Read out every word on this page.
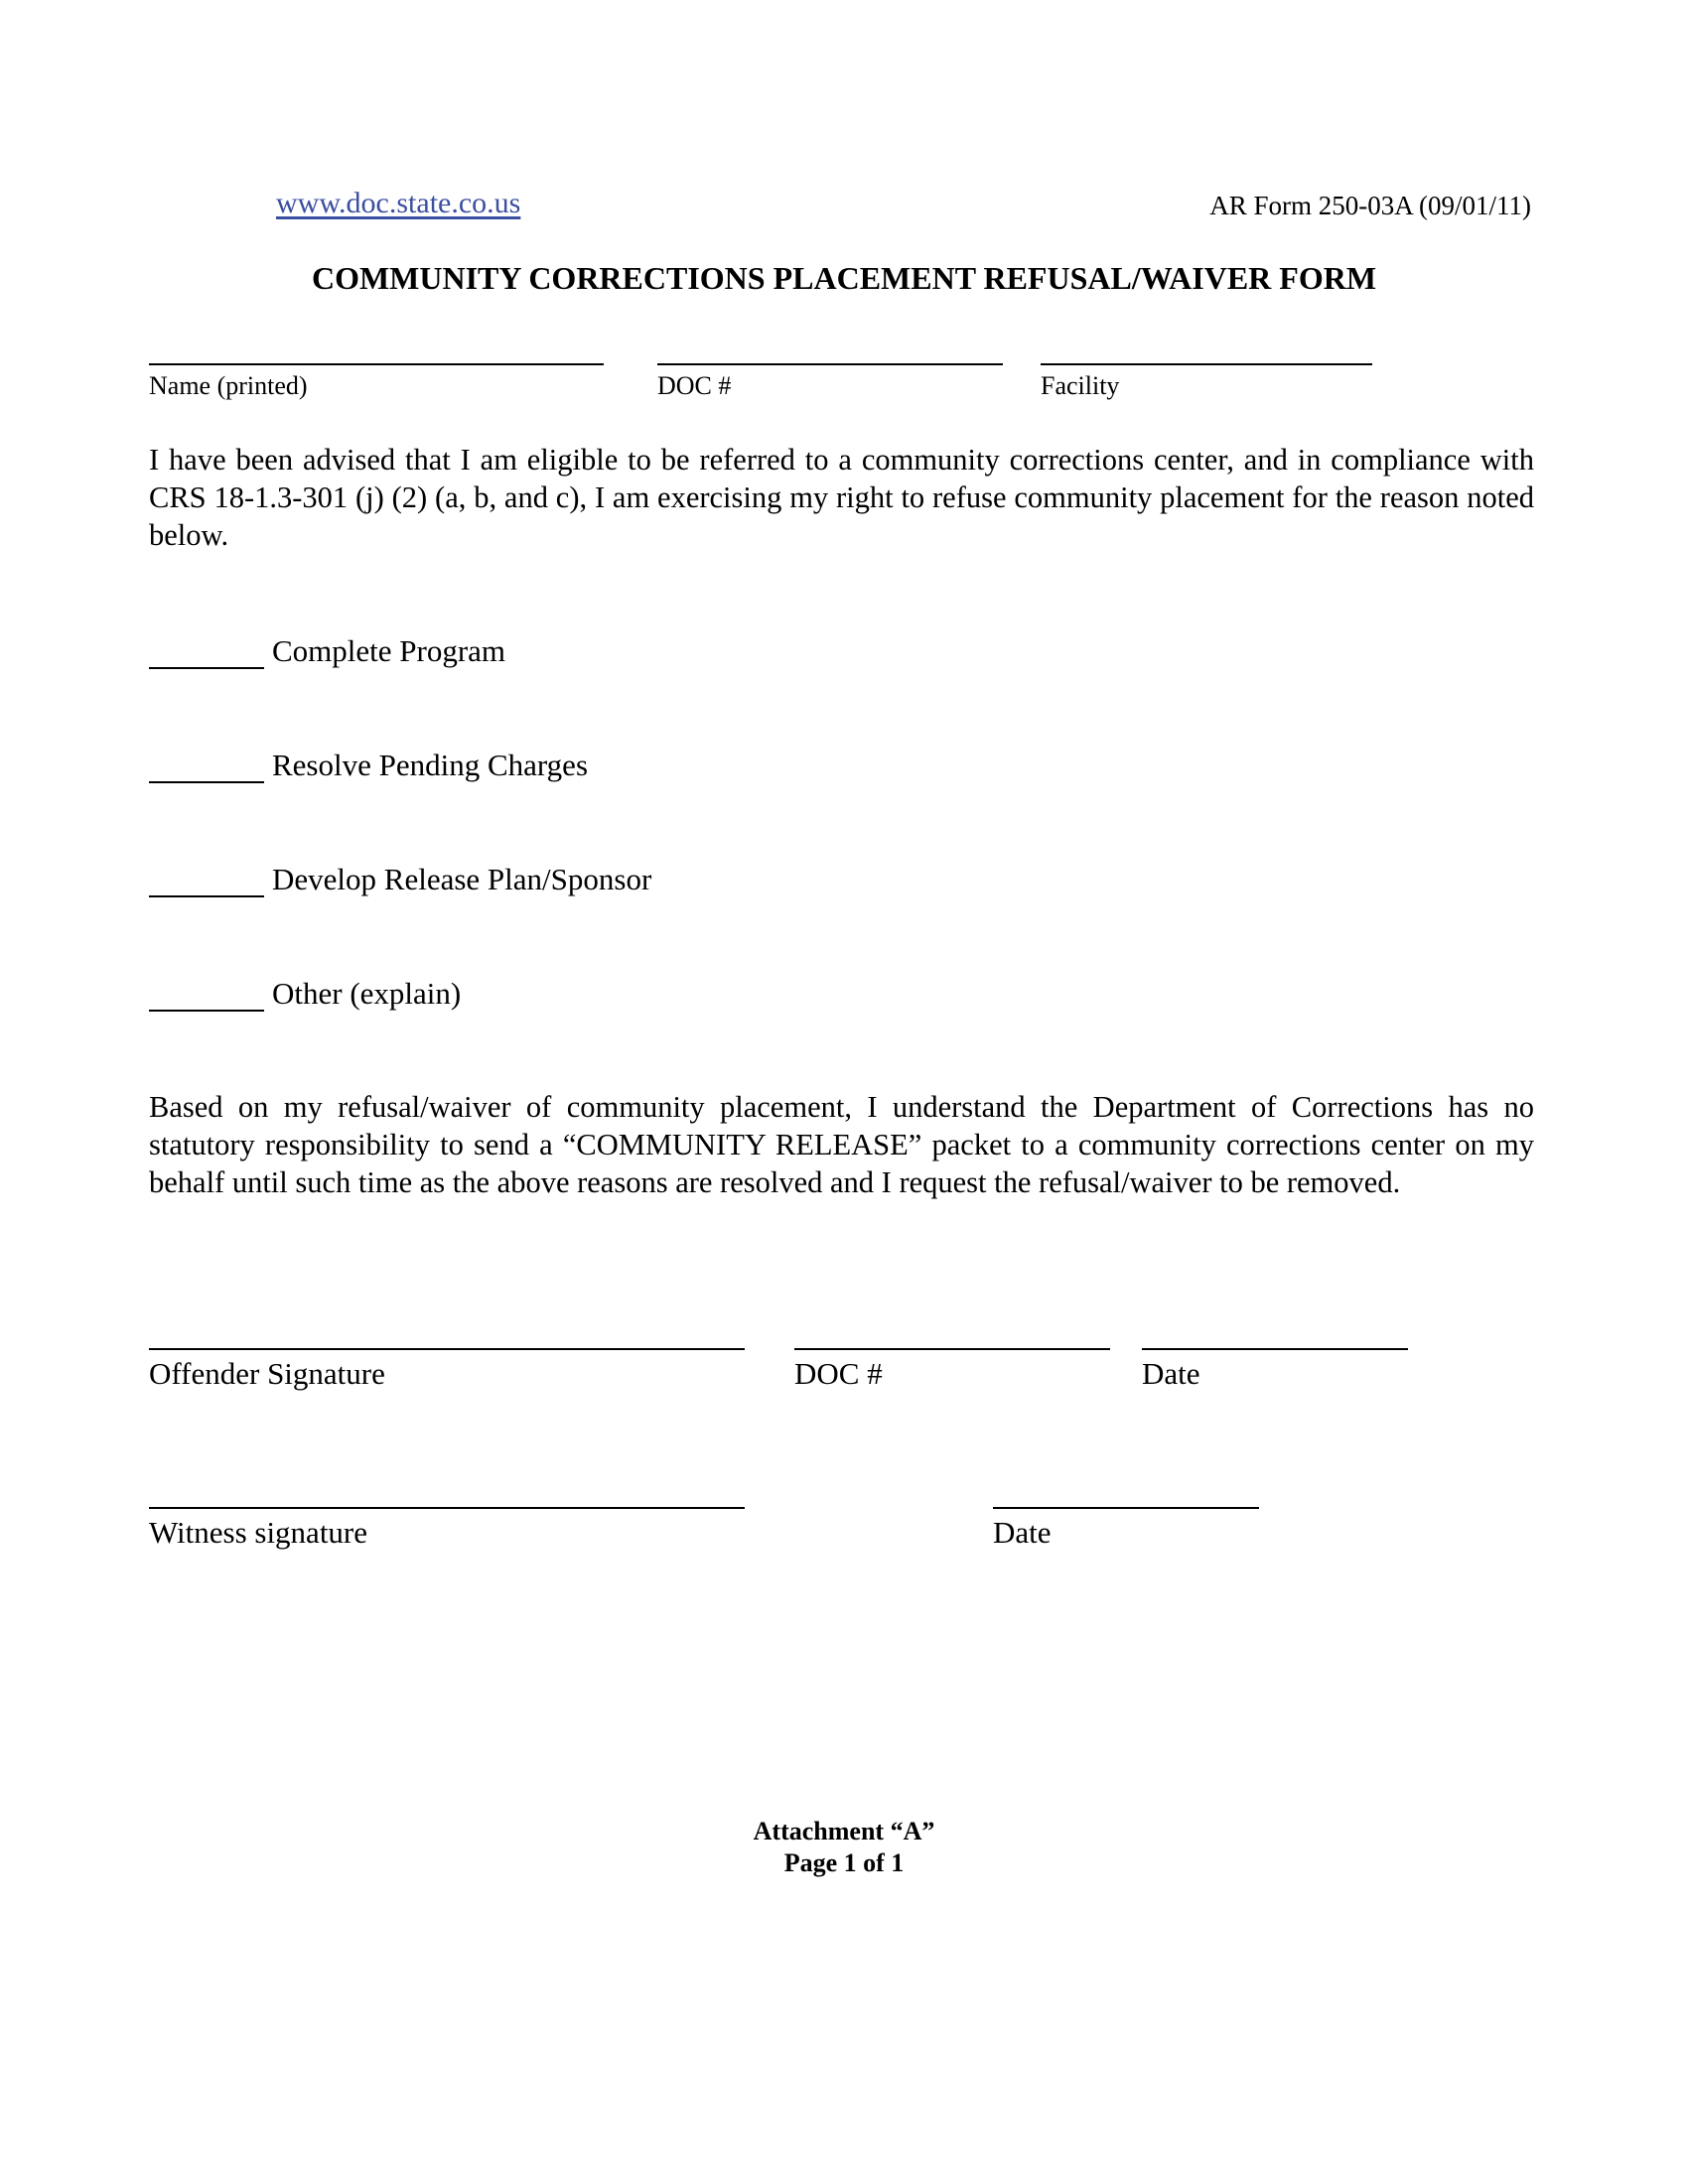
www.doc.state.co.us	AR Form 250-03A (09/01/11)
COMMUNITY CORRECTIONS PLACEMENT REFUSAL/WAIVER FORM
Name (printed)	DOC #	Facility
I have been advised that I am eligible to be referred to a community corrections center, and in compliance with CRS 18-1.3-301 (j) (2) (a, b, and c), I am exercising my right to refuse community placement for the reason noted below.
Complete Program
Resolve Pending Charges
Develop Release Plan/Sponsor
Other (explain)
Based on my refusal/waiver of community placement, I understand the Department of Corrections has no statutory responsibility to send a “COMMUNITY RELEASE” packet to a community corrections center on my behalf until such time as the above reasons are resolved and I request the refusal/waiver to be removed.
Offender Signature	DOC #	Date
Witness signature	Date
Attachment “A”
Page 1 of 1
